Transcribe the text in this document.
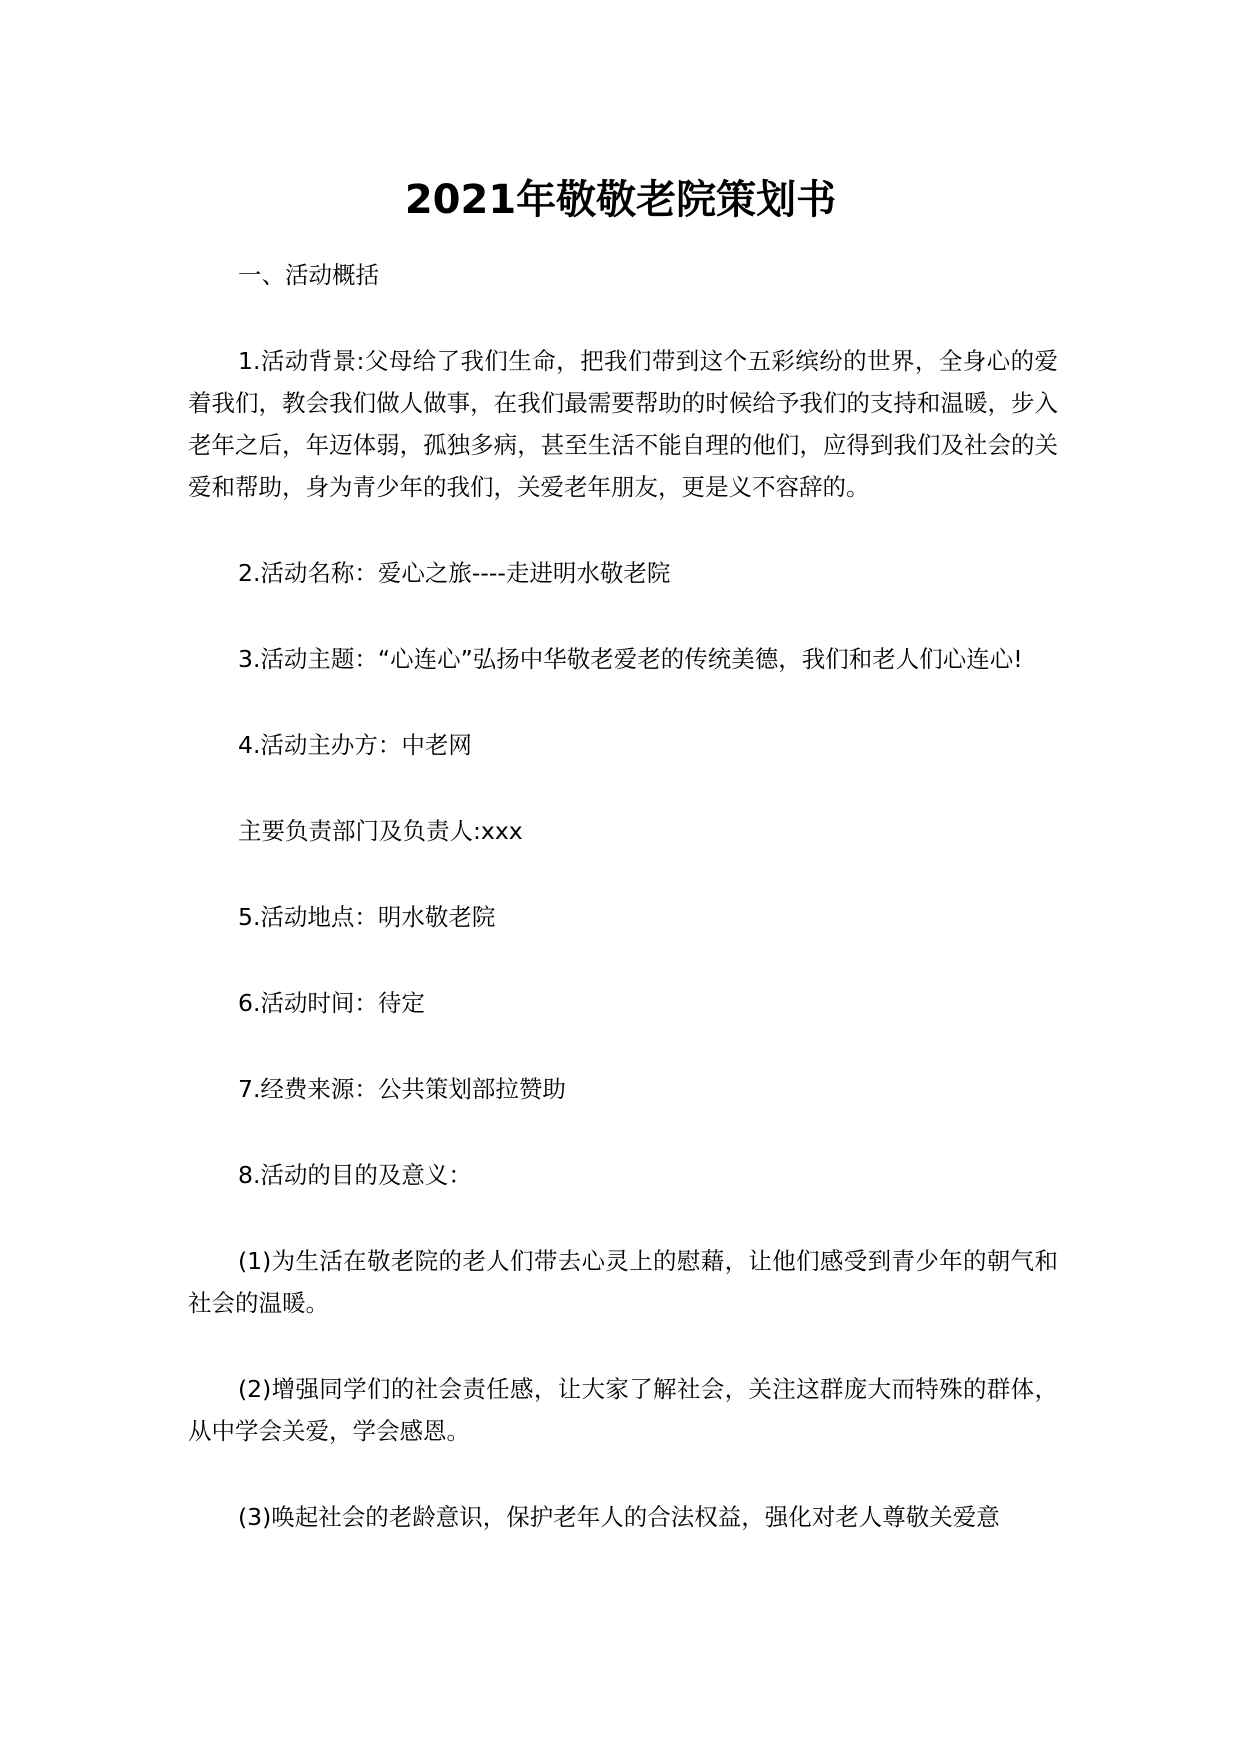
2021年敬敬老院策划书

一、活动概括

1.活动背景:父母给了我们生命，把我们带到这个五彩缤纷的世界，全身心的爱着我们，教会我们做人做事，在我们最需要帮助的时候给予我们的支持和温暖，步入老年之后，年迈体弱，孤独多病，甚至生活不能自理的他们，应得到我们及社会的关爱和帮助，身为青少年的我们，关爱老年朋友，更是义不容辞的。

2.活动名称：爱心之旅----走进明水敬老院

3.活动主题：“心连心”弘扬中华敬老爱老的传统美德，我们和老人们心连心!

4.活动主办方：中老网

主要负责部门及负责人:xxx

5.活动地点：明水敬老院

6.活动时间：待定

7.经费来源：公共策划部拉赞助

8.活动的目的及意义：

(1)为生活在敬老院的老人们带去心灵上的慰藉，让他们感受到青少年的朝气和社会的温暖。

(2)增强同学们的社会责任感，让大家了解社会，关注这群庞大而特殊的群体，从中学会关爱，学会感恩。

(3)唤起社会的老龄意识，保护老年人的合法权益，强化对老人尊敬关爱意
